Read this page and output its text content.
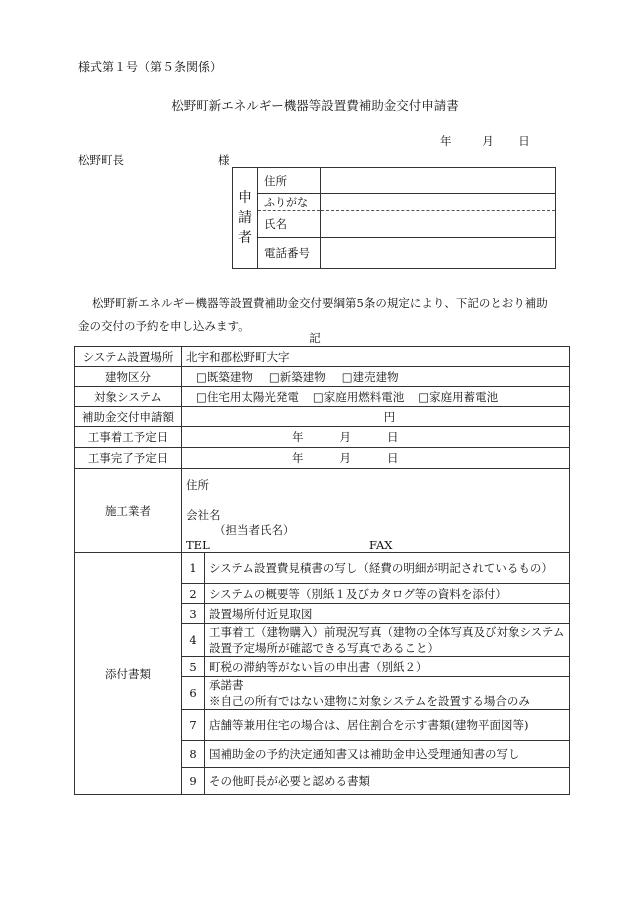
様式第１号（第５条関係）
松野町新エネルギー機器等設置費補助金交付申請書
年	月 日
松野町長	様
申
請
者	住所	
	ふりがな	
	氏名	
	電話番号	
松野町新エネルギー機器等設置費補助金交付要綱第5条の規定により、下記のとおり補助金の交付の予約を申し込みます。
記
システム設置場所	北宇和郡松野町大字	
建物区分	□既築建物 □新築建物 □建売建物	
対象システム	□住宅用太陽光発電 □家庭用燃料電池 □家庭用蓄電池	
補助金交付申請額	円	
工事着工予定日	年 月 日	
工事完了予定日	年 月 日	
施工業者	住所
会社名
（担当者氏名）
TEL FAX	

添付書類	1	システム設置費見積書の写し（経費の明細が明記されているもの）
	2	システムの概要等（別紙１及びカタログ等の資料を添付）
	3	設置場所付近見取図
	4	工事着工（建物購入）前現況写真（建物の全体写真及び対象システム設置予定場所が確認できる写真であること）
	5	町税の滞納等がない旨の申出書（別紙２）
	6	承諾書
※自己の所有ではない建物に対象システムを設置する場合のみ

	7	店舗等兼用住宅の場合は、居住割合を示す書類(建物平面図等)
	8	国補助金の予約決定通知書又は補助金申込受理通知書の写し
	9	その他町長が必要と認める書類
